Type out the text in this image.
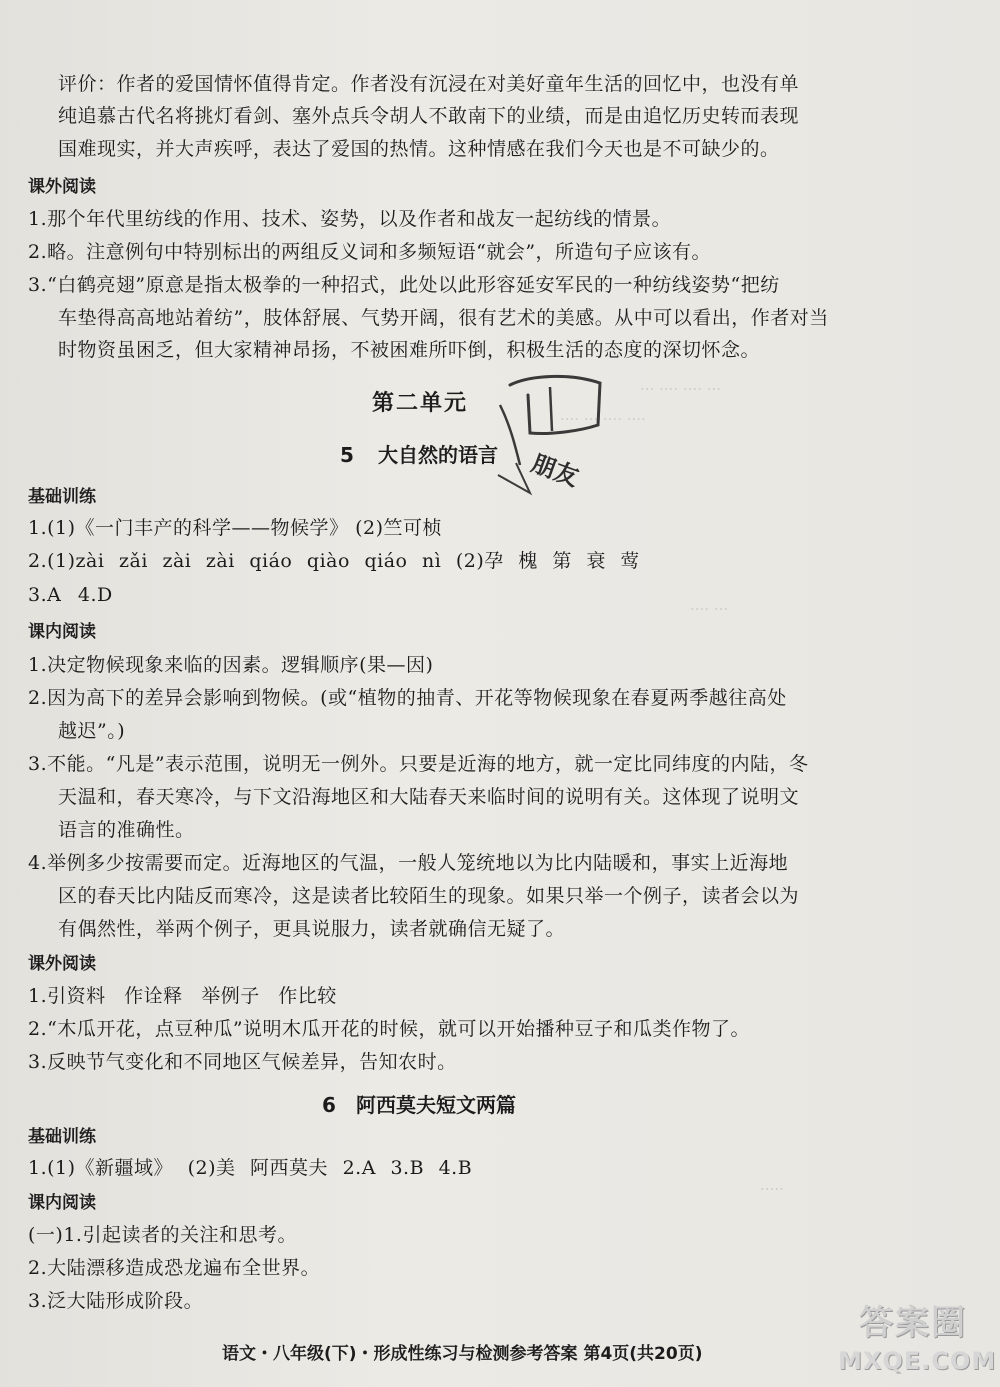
评价：作者的爱国情怀值得肯定。作者没有沉浸在对美好童年生活的回忆中，也没有单
纯追慕古代名将挑灯看剑、塞外点兵令胡人不敢南下的业绩，而是由追忆历史转而表现
国难现实，并大声疾呼，表达了爱国的热情。这种情感在我们今天也是不可缺少的。
课外阅读
1.那个年代里纺线的作用、技术、姿势，以及作者和战友一起纺线的情景。
2.略。注意例句中特别标出的两组反义词和多频短语“就会”，所造句子应该有。
3.“白鹤亮翅”原意是指太极拳的一种招式，此处以此形容延安军民的一种纺线姿势“把纺
车垫得高高地站着纺”，肢体舒展、气势开阔，很有艺术的美感。从中可以看出，作者对当
时物资虽困乏，但大家精神昂扬，不被困难所吓倒，积极生活的态度的深切怀念。
··· ···· ···· ···
···· ··· ···· ····
···· ···
·····
第二单元
5 大自然的语言
基础训练
1.(1)《一门丰产的科学——物候学》 (2)竺可桢
2.(1)zài zǎi zài zài qiáo qiào qiáo nì (2)孕 槐 第 衰 莺
3.A 4.D
课内阅读
1.决定物候现象来临的因素。逻辑顺序(果—因)
2.因为高下的差异会影响到物候。(或“植物的抽青、开花等物候现象在春夏两季越往高处
越迟”。)
3.不能。“凡是”表示范围，说明无一例外。只要是近海的地方，就一定比同纬度的内陆，冬
天温和，春天寒冷，与下文沿海地区和大陆春天来临时间的说明有关。这体现了说明文
语言的准确性。
4.举例多少按需要而定。近海地区的气温，一般人笼统地以为比内陆暖和，事实上近海地
区的春天比内陆反而寒冷，这是读者比较陌生的现象。如果只举一个例子，读者会以为
有偶然性，举两个例子，更具说服力，读者就确信无疑了。
课外阅读
1.引资料 作诠释 举例子 作比较
2.“木瓜开花，点豆种瓜”说明木瓜开花的时候，就可以开始播种豆子和瓜类作物了。
3.反映节气变化和不同地区气候差异，告知农时。
6 阿西莫夫短文两篇
基础训练
1.(1)《新疆域》 (2)美 阿西莫夫 2.A 3.B 4.B
课内阅读
(一)1.引起读者的关注和思考。
2.大陆漂移造成恐龙遍布全世界。
3.泛大陆形成阶段。
朋友
语文・八年级(下)・形成性练习与检测参考答案 第4页(共20页)
答案圈
MXQE.COM
